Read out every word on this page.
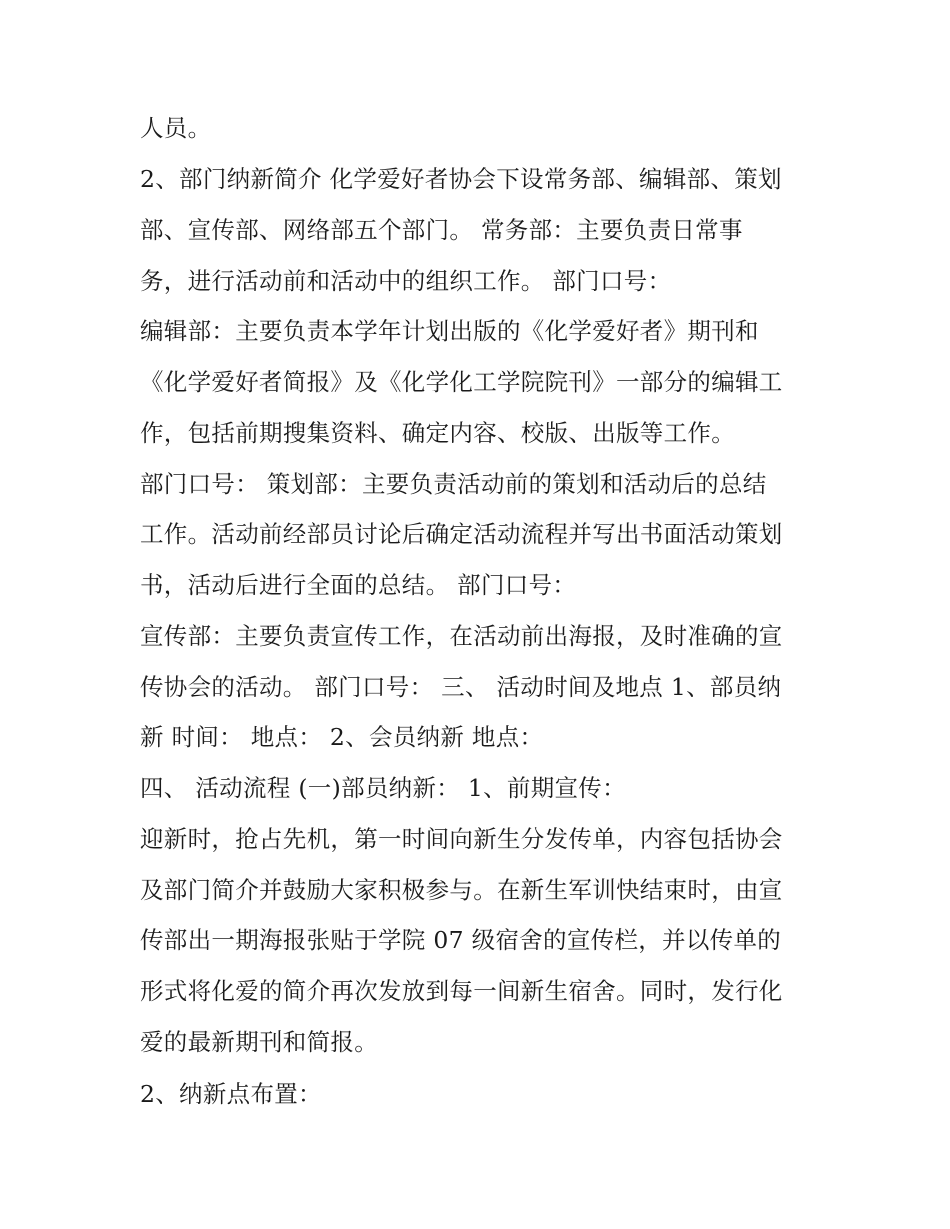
人员。
2、部门纳新简介 化学爱好者协会下设常务部、编辑部、策划
部、宣传部、网络部五个部门。 常务部：主要负责日常事
务，进行活动前和活动中的组织工作。 部门口号：
编辑部：主要负责本学年计划出版的《化学爱好者》期刊和
《化学爱好者简报》及《化学化工学院院刊》一部分的编辑工
作，包括前期搜集资料、确定内容、校版、出版等工作。
部门口号： 策划部：主要负责活动前的策划和活动后的总结
工作。活动前经部员讨论后确定活动流程并写出书面活动策划
书，活动后进行全面的总结。 部门口号：
宣传部：主要负责宣传工作，在活动前出海报，及时准确的宣
传协会的活动。 部门口号： 三、 活动时间及地点 1、部员纳
新 时间： 地点： 2、会员纳新 地点：
四、 活动流程 (一)部员纳新： 1、前期宣传：
迎新时，抢占先机，第一时间向新生分发传单，内容包括协会
及部门简介并鼓励大家积极参与。在新生军训快结束时，由宣
传部出一期海报张贴于学院 07 级宿舍的宣传栏，并以传单的
形式将化爱的简介再次发放到每一间新生宿舍。同时，发行化
爱的最新期刊和简报。
2、纳新点布置：
